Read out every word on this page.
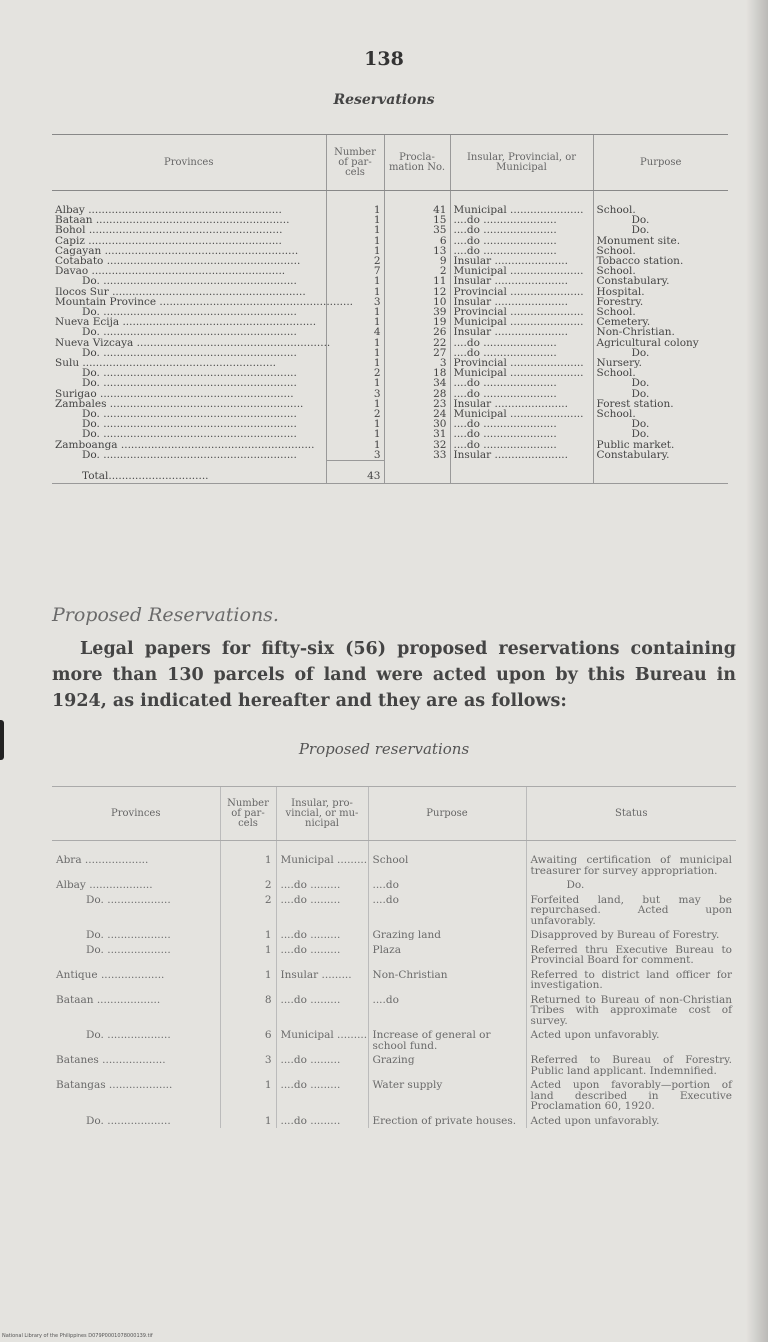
138
Reservations
Provinces	Number of par-cels	Procla-mation No.	Insular, Provincial, or Municipal	Purpose
Albay ..........................................................	1	41	Municipal ......................	School.
Bataan ..........................................................	1	15	....do ......................	Do.
Bohol ..........................................................	1	35	....do ......................	Do.
Capiz ..........................................................	1	6	....do ......................	Monument site.
Cagayan ..........................................................	1	13	....do ......................	School.
Cotabato ..........................................................	2	9	Insular ......................	Tobacco station.
Davao ..........................................................	7	2	Municipal ......................	School.
Do. ..........................................................	1	11	Insular ......................	Constabulary.
Ilocos Sur ..........................................................	1	12	Provincial ......................	Hospital.
Mountain Province ..........................................................	3	10	Insular ......................	Forestry.
Do. ..........................................................	1	39	Provincial ......................	School.
Nueva Ecija ..........................................................	1	19	Municipal ......................	Cemetery.
Do. ..........................................................	4	26	Insular ......................	Non-Christian.
Nueva Vizcaya ..........................................................	1	22	....do ......................	Agricultural colony
Do. ..........................................................	1	27	....do ......................	Do.
Sulu ..........................................................	1	3	Provincial ......................	Nursery.
Do. ..........................................................	2	18	Municipal ......................	School.
Do. ..........................................................	1	34	....do ......................	Do.
Surigao ..........................................................	3	28	....do ......................	Do.
Zambales ..........................................................	1	23	Insular ......................	Forest station.
Do. ..........................................................	2	24	Municipal ......................	School.
Do. ..........................................................	1	30	....do ......................	Do.
Do. ..........................................................	1	31	....do ......................	Do.
Zamboanga ..........................................................	1	32	....do ......................	Public market.
Do. ..........................................................	3	33	Insular ......................	Constabulary.
Total..............................	43			
Proposed Reservations.
Legal papers for fifty-six (56) proposed reservations containing more than 130 parcels of land were acted upon by this Bureau in 1924, as indicated hereafter and they are as follows:
Proposed reservations
Provinces	Number of par-cels	Insular, pro-vincial, or mu-nicipal	Purpose	Status
Abra ...................	1	Municipal .........	School	Awaiting certification of municipal treasurer for survey appropriation.
Albay ...................	2	....do .........	....do	Do.
Do. ...................	2	....do .........	....do	Forfeited land, but may be repurchased. Acted upon unfavorably.
Do. ...................	1	....do .........	Grazing land	Disapproved by Bureau of Forestry.
Do. ...................	1	....do .........	Plaza	Referred thru Executive Bureau to Provincial Board for comment.
Antique ...................	1	Insular .........	Non-Christian	Referred to district land officer for investigation.
Bataan ...................	8	....do .........	....do	Returned to Bureau of non-Christian Tribes with approximate cost of survey.
Do. ...................	6	Municipal .........	Increase of general or school fund.	Acted upon unfavorably.
Batanes ...................	3	....do .........	Grazing	Referred to Bureau of Forestry. Public land applicant. Indemnified.
Batangas ...................	1	....do .........	Water supply	Acted upon favorably—portion of land described in Executive Proclamation 60, 1920.
Do. ...................	1	....do .........	Erection of private houses.	Acted upon unfavorably.
National Library of the Philippines D079P0001078000139.tif
